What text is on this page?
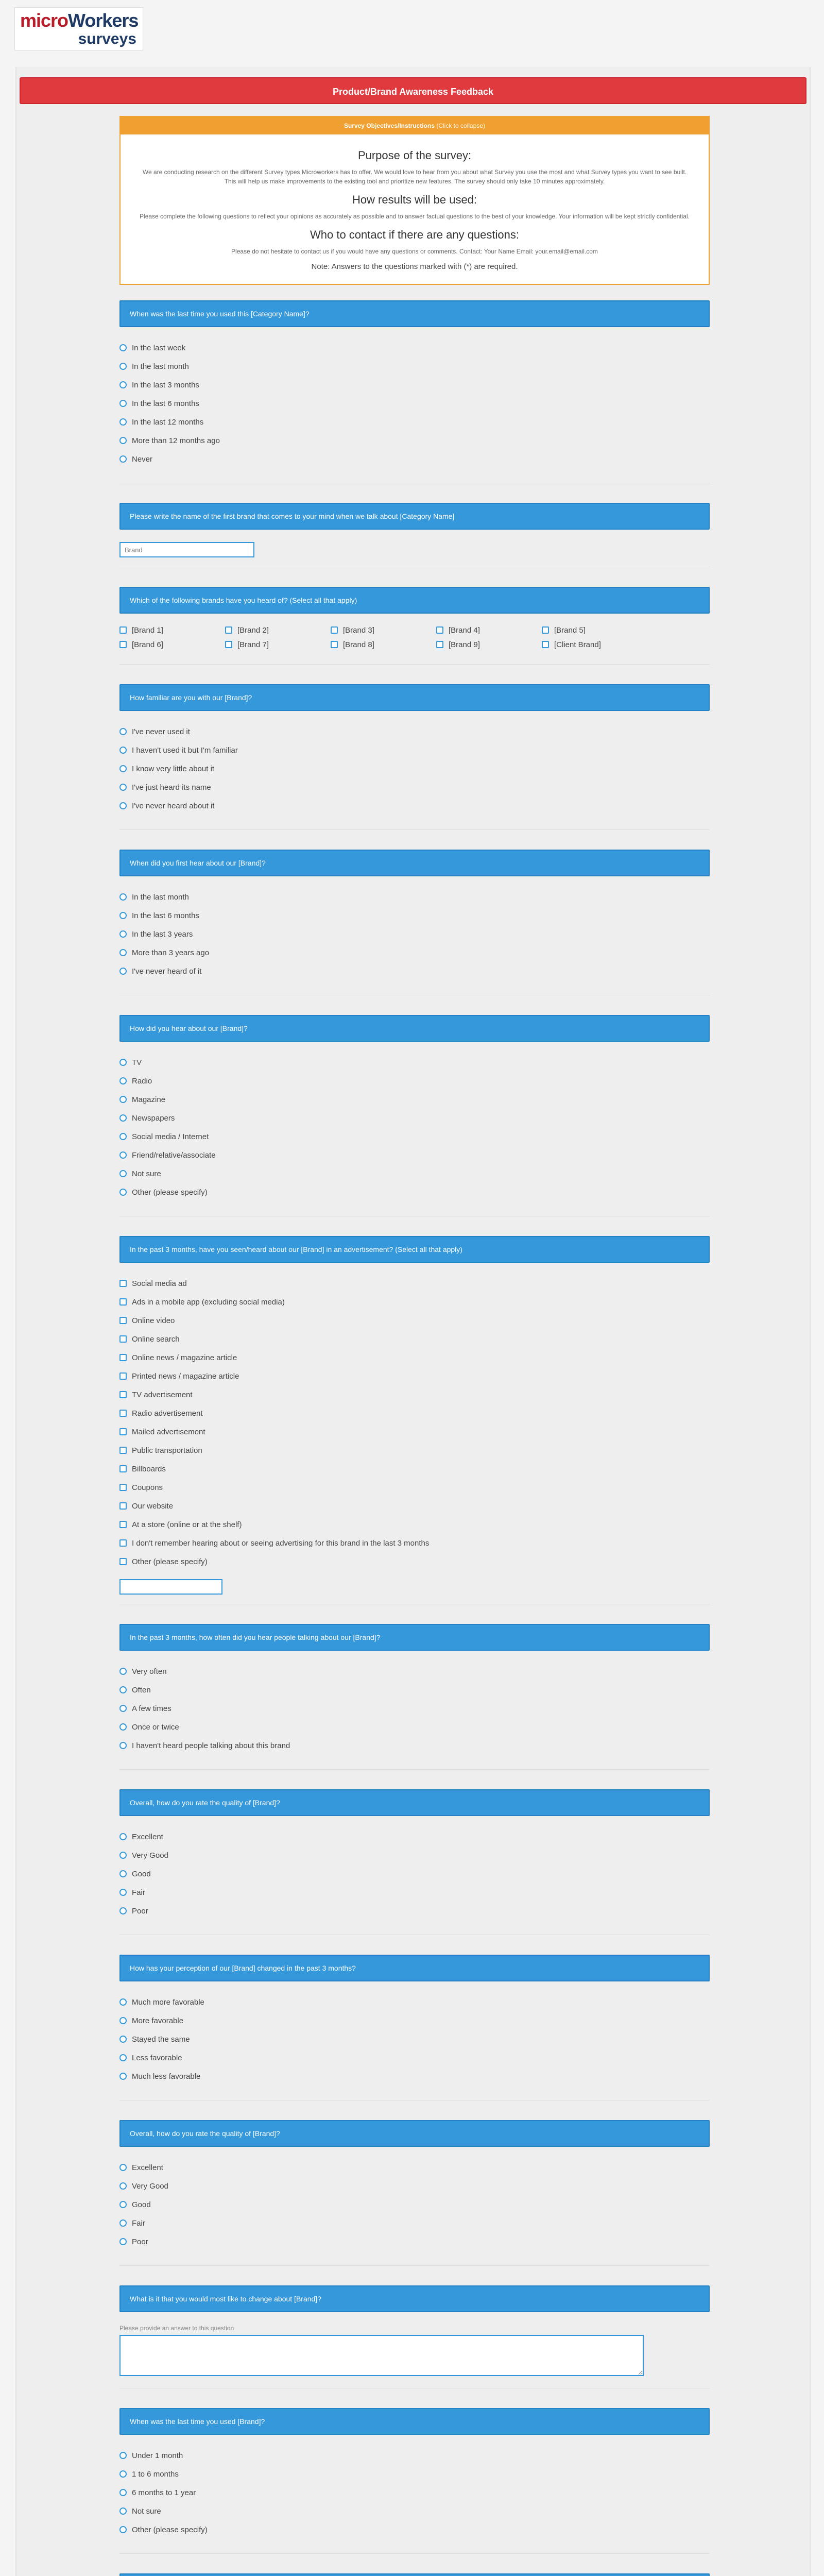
microWorkers
surveys
Product/Brand Awareness Feedback
Survey Objectives/Instructions (Click to collapse)
Purpose of the survey:

We are conducting research on the different Survey types Microworkers has to offer. We would love to hear from you about what Survey you use the most and what Survey types you want to see built. This will help us make improvements to the existing tool and prioritize new features. The survey should only take 10 minutes approximately.

How results will be used:

Please complete the following questions to reflect your opinions as accurately as possible and to answer factual questions to the best of your knowledge. Your information will be kept strictly confidential.

Who to contact if there are any questions:

Please do not hesitate to contact us if you would have any questions or comments. Contact: Your Name Email: your.email@email.com

Note: Answers to the questions marked with (*) are required.

When was the last time you used this [Category Name]?
In the last week
In the last month
In the last 3 months
In the last 6 months
In the last 12 months
More than 12 months ago
Never
Please write the name of the first brand that comes to your mind when we talk about [Category Name]
Brand
Which of the following brands have you heard of? (Select all that apply)
[Brand 1]	[Brand 2]	[Brand 3]	[Brand 4]	[Brand 5]
[Brand 6]	[Brand 7]	[Brand 8]	[Brand 9]	[Client Brand]
How familiar are you with our [Brand]?
I've never used it
I haven't used it but I'm familiar
I know very little about it
I've just heard its name
I've never heard about it
When did you first hear about our [Brand]?
In the last month
In the last 6 months
In the last 3 years
More than 3 years ago
I've never heard of it
How did you hear about our [Brand]?
TV
Radio
Magazine
Newspapers
Social media / Internet
Friend/relative/associate
Not sure
Other (please specify)
In the past 3 months, have you seen/heard about our [Brand] in an advertisement? (Select all that apply)
Social media ad
Ads in a mobile app (excluding social media)
Online video
Online search
Online news / magazine article
Printed news / magazine article
TV advertisement
Radio advertisement
Mailed advertisement
Public transportation
Billboards
Coupons
Our website
At a store (online or at the shelf)
I don't remember hearing about or seeing advertising for this brand in the last 3 months
Other (please specify)
In the past 3 months, how often did you hear people talking about our [Brand]?
Very often
Often
A few times
Once or twice
I haven't heard people talking about this brand
Overall, how do you rate the quality of [Brand]?
Excellent
Very Good
Good
Fair
Poor
How has your perception of our [Brand] changed in the past 3 months?
Much more favorable
More favorable
Stayed the same
Less favorable
Much less favorable
Overall, how do you rate the quality of [Brand]?
Excellent
Very Good
Good
Fair
Poor
What is it that you would most like to change about [Brand]?
Please provide an answer to this question
When was the last time you used [Brand]?
Under 1 month
1 to 6 months
6 months to 1 year
Not sure
Other (please specify)
